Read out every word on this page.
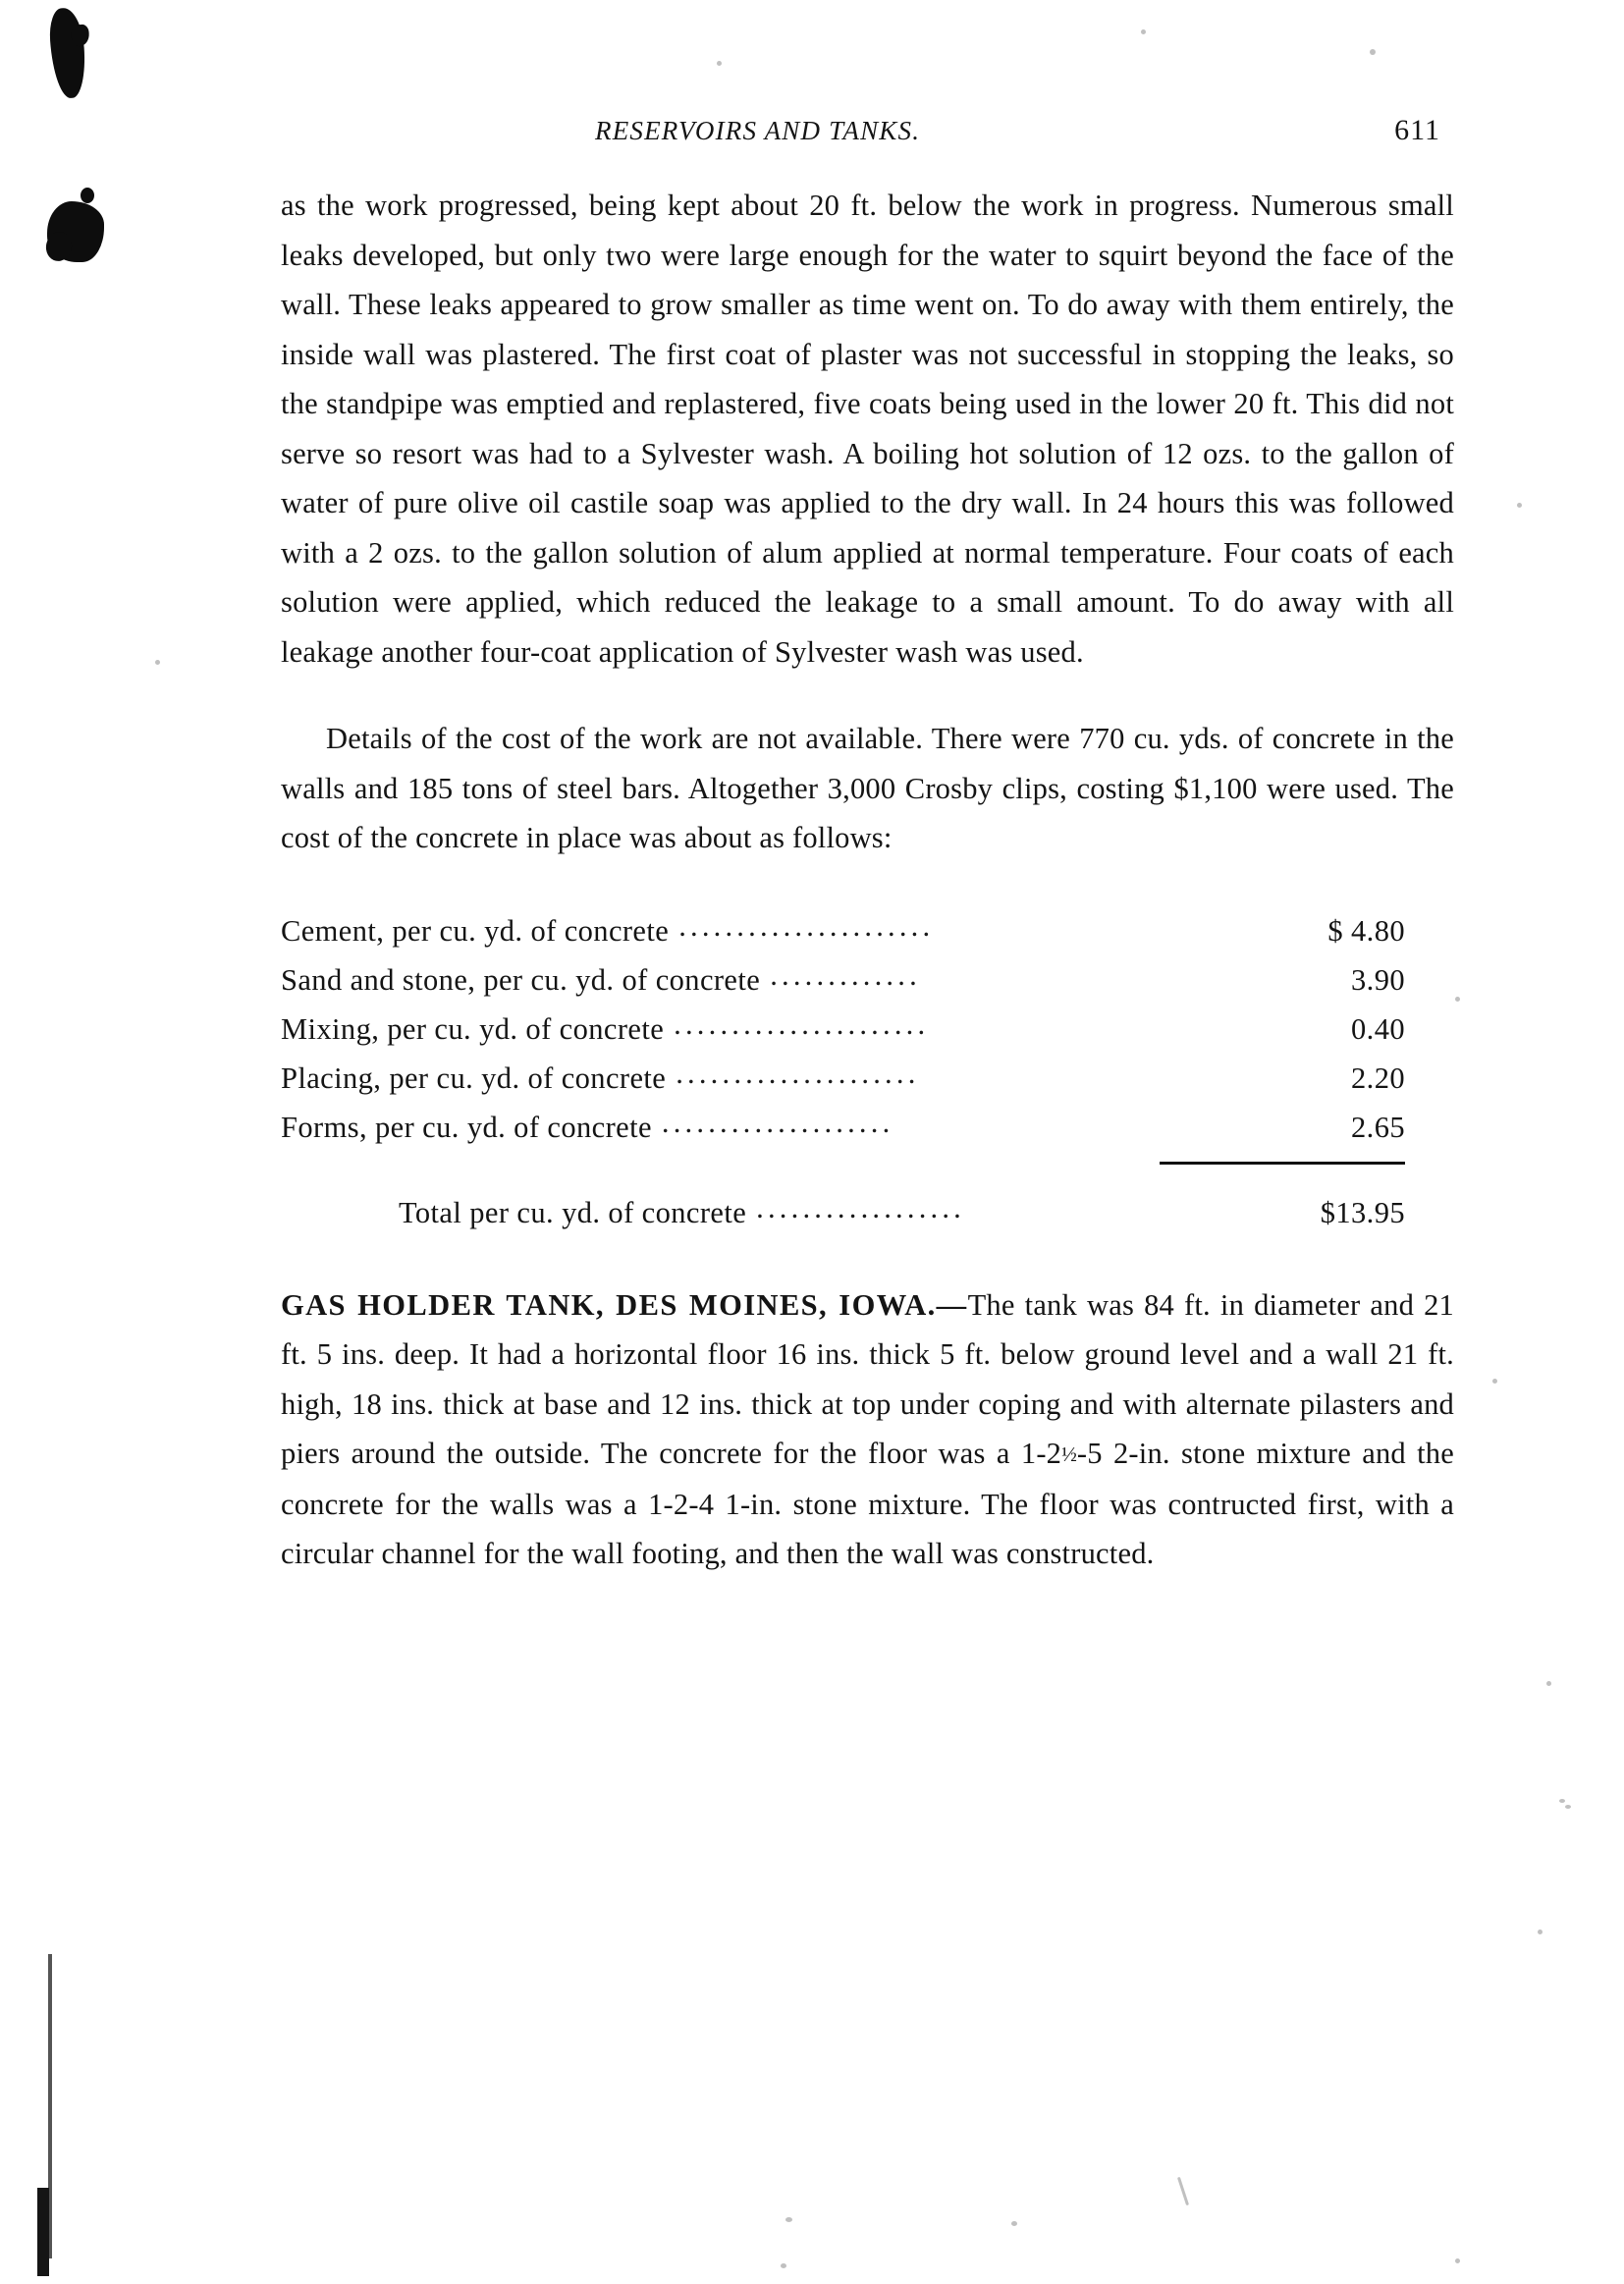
RESERVOIRS AND TANKS.	611

as the work progressed, being kept about 20 ft. below the work in progress. Numerous small leaks developed, but only two were large enough for the water to squirt beyond the face of the wall. These leaks appeared to grow smaller as time went on. To do away with them entirely, the inside wall was plastered. The first coat of plaster was not successful in stopping the leaks, so the standpipe was emptied and replastered, five coats being used in the lower 20 ft. This did not serve so resort was had to a Sylvester wash. A boiling hot solution of 12 ozs. to the gallon of water of pure olive oil castile soap was applied to the dry wall. In 24 hours this was followed with a 2 ozs. to the gallon solution of alum applied at normal temperature. Four coats of each solution were applied, which reduced the leakage to a small amount. To do away with all leakage another four-coat application of Sylvester wash was used.

Details of the cost of the work are not available. There were 770 cu. yds. of concrete in the walls and 185 tons of steel bars. Altogether 3,000 Crosby clips, costing $1,100 were used. The cost of the concrete in place was about as follows:

Cement, per cu. yd. of concrete ......................	$ 4.80
Sand and stone, per cu. yd. of concrete .............	3.90
Mixing, per cu. yd. of concrete ......................	0.40
Placing, per cu. yd. of concrete .....................	2.20
Forms, per cu. yd. of concrete ....................	2.65
Total per cu. yd. of concrete ..................	$13.95

GAS HOLDER TANK, DES MOINES, IOWA.—The tank was 84 ft. in diameter and 21 ft. 5 ins. deep. It had a horizontal floor 16 ins. thick 5 ft. below ground level and a wall 21 ft. high, 18 ins. thick at base and 12 ins. thick at top under coping and with alternate pilasters and piers around the outside. The concrete for the floor was a 1-2½-5 2-in. stone mixture and the concrete for the walls was a 1-2-4 1-in. stone mixture. The floor was contructed first, with a circular channel for the wall footing, and then the wall was constructed.
